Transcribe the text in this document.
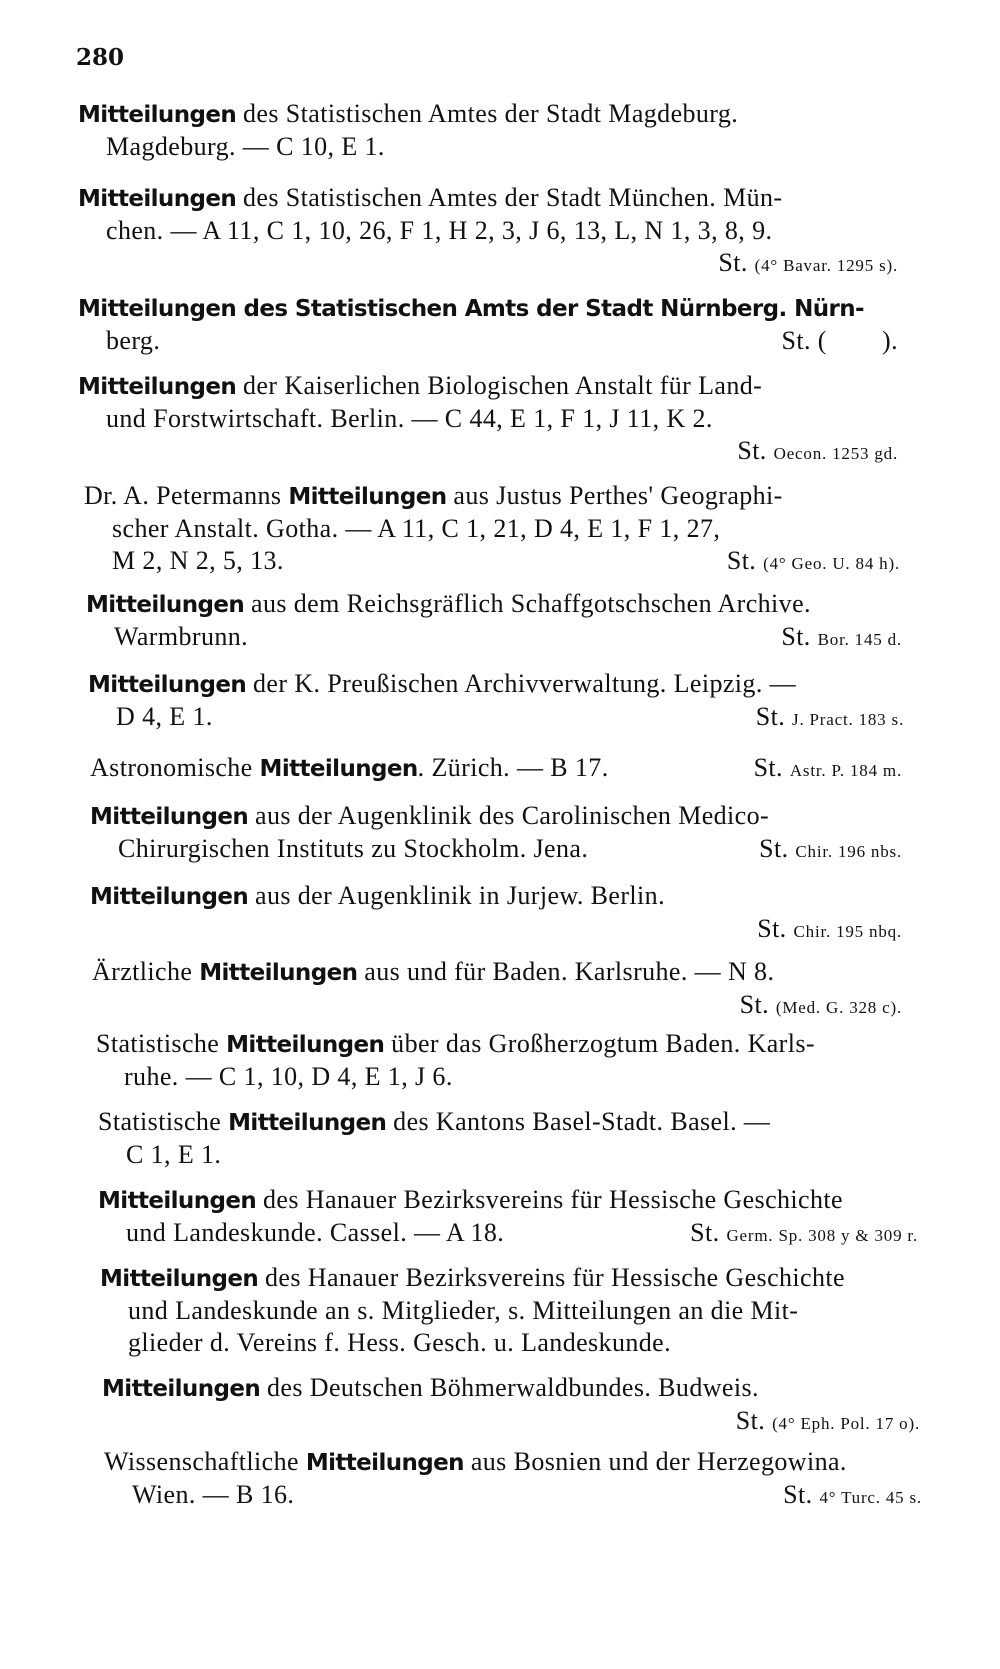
280
Mitteilungen des Statistischen Amtes der Stadt Magdeburg.
Magdeburg. — C 10, E 1.
Mitteilungen des Statistischen Amtes der Stadt München. Mün-
chen. — A 11, C 1, 10, 26, F 1, H 2, 3, J 6, 13, L, N 1, 3, 8, 9.
St. (4° Bavar. 1295 s).
Mitteilungen des Statistischen Amts der Stadt Nürnberg. Nürn-
berg.	St. (        ).
Mitteilungen der Kaiserlichen Biologischen Anstalt für Land-
und Forstwirtschaft. Berlin. — C 44, E 1, F 1, J 11, K 2.
St. Oecon. 1253 gd.
Dr. A. Petermanns Mitteilungen aus Justus Perthes' Geographi-
scher Anstalt. Gotha. — A 11, C 1, 21, D 4, E 1, F 1, 27,
M 2, N 2, 5, 13.	St. (4° Geo. U. 84 h).
Mitteilungen aus dem Reichsgräflich Schaffgotschschen Archive.
Warmbrunn.	St. Bor. 145 d.
Mitteilungen der K. Preußischen Archivverwaltung. Leipzig. —
D 4, E 1.	St. J. Pract. 183 s.
Astronomische Mitteilungen. Zürich. — B 17.	St. Astr. P. 184 m.
Mitteilungen aus der Augenklinik des Carolinischen Medico-
Chirurgischen Instituts zu Stockholm. Jena.	St. Chir. 196 nbs.
Mitteilungen aus der Augenklinik in Jurjew. Berlin.
St. Chir. 195 nbq.
Ärztliche Mitteilungen aus und für Baden. Karlsruhe. — N 8.
St. (Med. G. 328 c).
Statistische Mitteilungen über das Großherzogtum Baden. Karls-
ruhe. — C 1, 10, D 4, E 1, J 6.
Statistische Mitteilungen des Kantons Basel-Stadt. Basel. —
C 1, E 1.
Mitteilungen des Hanauer Bezirksvereins für Hessische Geschichte
und Landeskunde. Cassel. — A 18.	St. Germ. Sp. 308 y & 309 r.
Mitteilungen des Hanauer Bezirksvereins für Hessische Geschichte
und Landeskunde an s. Mitglieder, s. Mitteilungen an die Mit-
glieder d. Vereins f. Hess. Gesch. u. Landeskunde.
Mitteilungen des Deutschen Böhmerwaldbundes. Budweis.
St. (4° Eph. Pol. 17 o).
Wissenschaftliche Mitteilungen aus Bosnien und der Herzegowina.
Wien. — B 16.	St. 4° Turc. 45 s.
